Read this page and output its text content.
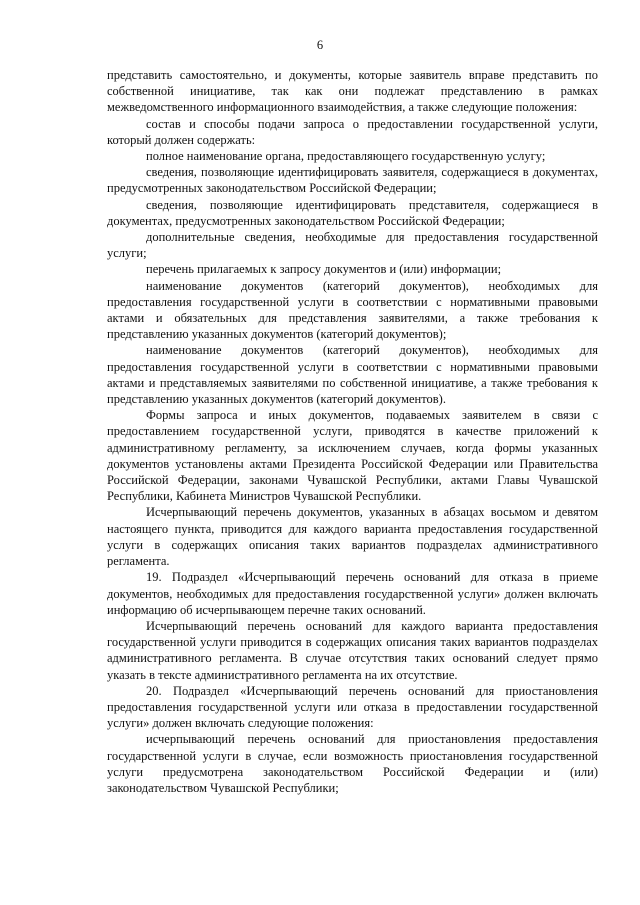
6

представить самостоятельно, и документы, которые заявитель вправе представить по собственной инициативе, так как они подлежат представлению в рамках межведомственного информационного взаимодействия, а также следующие положения:

состав и способы подачи запроса о предоставлении государственной услуги, который должен содержать:

полное наименование органа, предоставляющего государственную услугу;

сведения, позволяющие идентифицировать заявителя, содержащиеся в документах, предусмотренных законодательством Российской Федерации;

сведения, позволяющие идентифицировать представителя, содержащиеся в документах, предусмотренных законодательством Российской Федерации;

дополнительные сведения, необходимые для предоставления государственной услуги;

перечень прилагаемых к запросу документов и (или) информации;

наименование документов (категорий документов), необходимых для предоставления государственной услуги в соответствии с нормативными правовыми актами и обязательных для представления заявителями, а также требования к представлению указанных документов (категорий документов);

наименование документов (категорий документов), необходимых для предоставления государственной услуги в соответствии с нормативными правовыми актами и представляемых заявителями по собственной инициативе, а также требования к представлению указанных документов (категорий документов).

Формы запроса и иных документов, подаваемых заявителем в связи с предоставлением государственной услуги, приводятся в качестве приложений к административному регламенту, за исключением случаев, когда формы указанных документов установлены актами Президента Российской Федерации или Правительства Российской Федерации, законами Чувашской Республики, актами Главы Чувашской Республики, Кабинета Министров Чувашской Республики.

Исчерпывающий перечень документов, указанных в абзацах восьмом и девятом настоящего пункта, приводится для каждого варианта предоставления государственной услуги в содержащих описания таких вариантов подразделах административного регламента.

19. Подраздел «Исчерпывающий перечень оснований для отказа в приеме документов, необходимых для предоставления государственной услуги» должен включать информацию об исчерпывающем перечне таких оснований.

Исчерпывающий перечень оснований для каждого варианта предоставления государственной услуги приводится в содержащих описания таких вариантов подразделах административного регламента. В случае отсутствия таких оснований следует прямо указать в тексте административного регламента на их отсутствие.

20. Подраздел «Исчерпывающий перечень оснований для приостановления предоставления государственной услуги или отказа в предоставлении государственной услуги» должен включать следующие положения:

исчерпывающий перечень оснований для приостановления предоставления государственной услуги в случае, если возможность приостановления государственной услуги предусмотрена законодательством Российской Федерации и (или) законодательством Чувашской Республики;
